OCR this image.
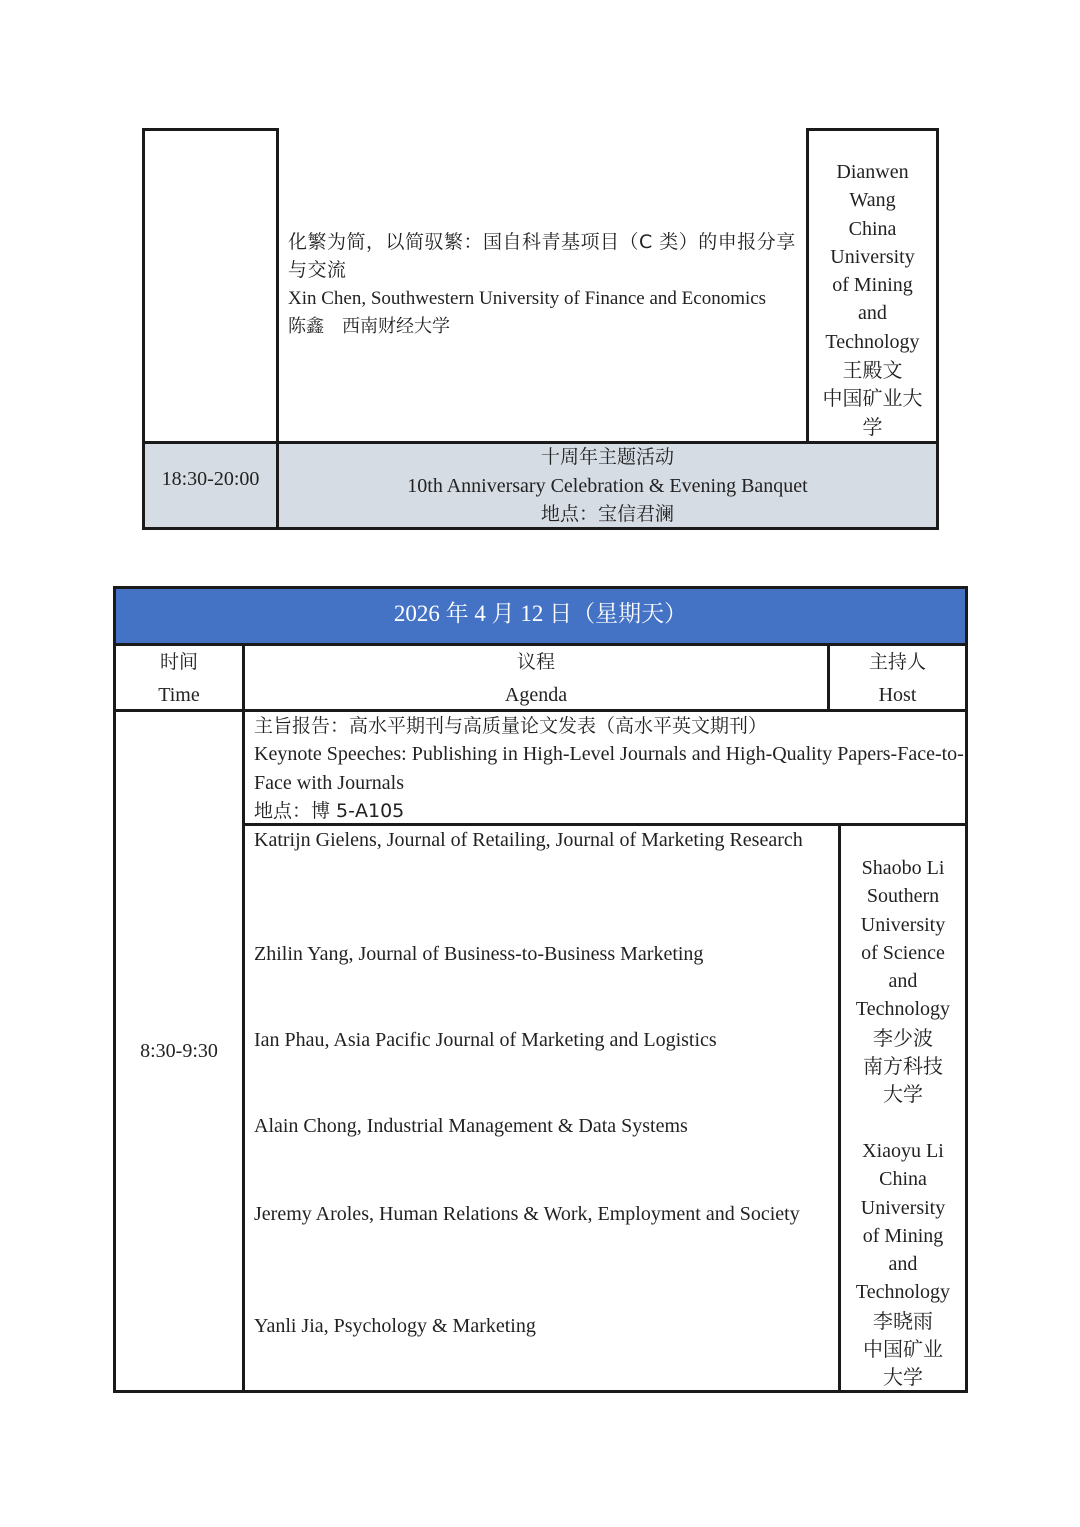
化繁为简，以简驭繁：国自科青基项目（C 类）的申报分享与交流
Xin Chen, Southwestern University of Finance and Economics
陈鑫　西南财经大学
Dianwen
Wang
China
University
of Mining
and
Technology
王殿文
中国矿业大
学
18:30-20:00
十周年主题活动
10th Anniversary Celebration & Evening Banquet
地点：宝信君澜
2026 年 4 月 12 日（星期天）
时间
Time
议程
Agenda
主持人
Host
8:30-9:30
主旨报告：高水平期刊与高质量论文发表（高水平英文期刊）
Keynote Speeches: Publishing in High-Level Journals and High-Quality Papers-Face-to-Face with Journals
地点：博 5-A105
Katrijn Gielens, Journal of Retailing, Journal of Marketing Research
Zhilin Yang, Journal of Business-to-Business Marketing
Ian Phau, Asia Pacific Journal of Marketing and Logistics
Alain Chong, Industrial Management & Data Systems
Jeremy Aroles, Human Relations & Work, Employment and Society
Yanli Jia, Psychology & Marketing
Shaobo Li
Southern
University
of Science
and
Technology
李少波
南方科技
大学
Xiaoyu Li
China
University
of Mining
and
Technology
李晓雨
中国矿业
大学
